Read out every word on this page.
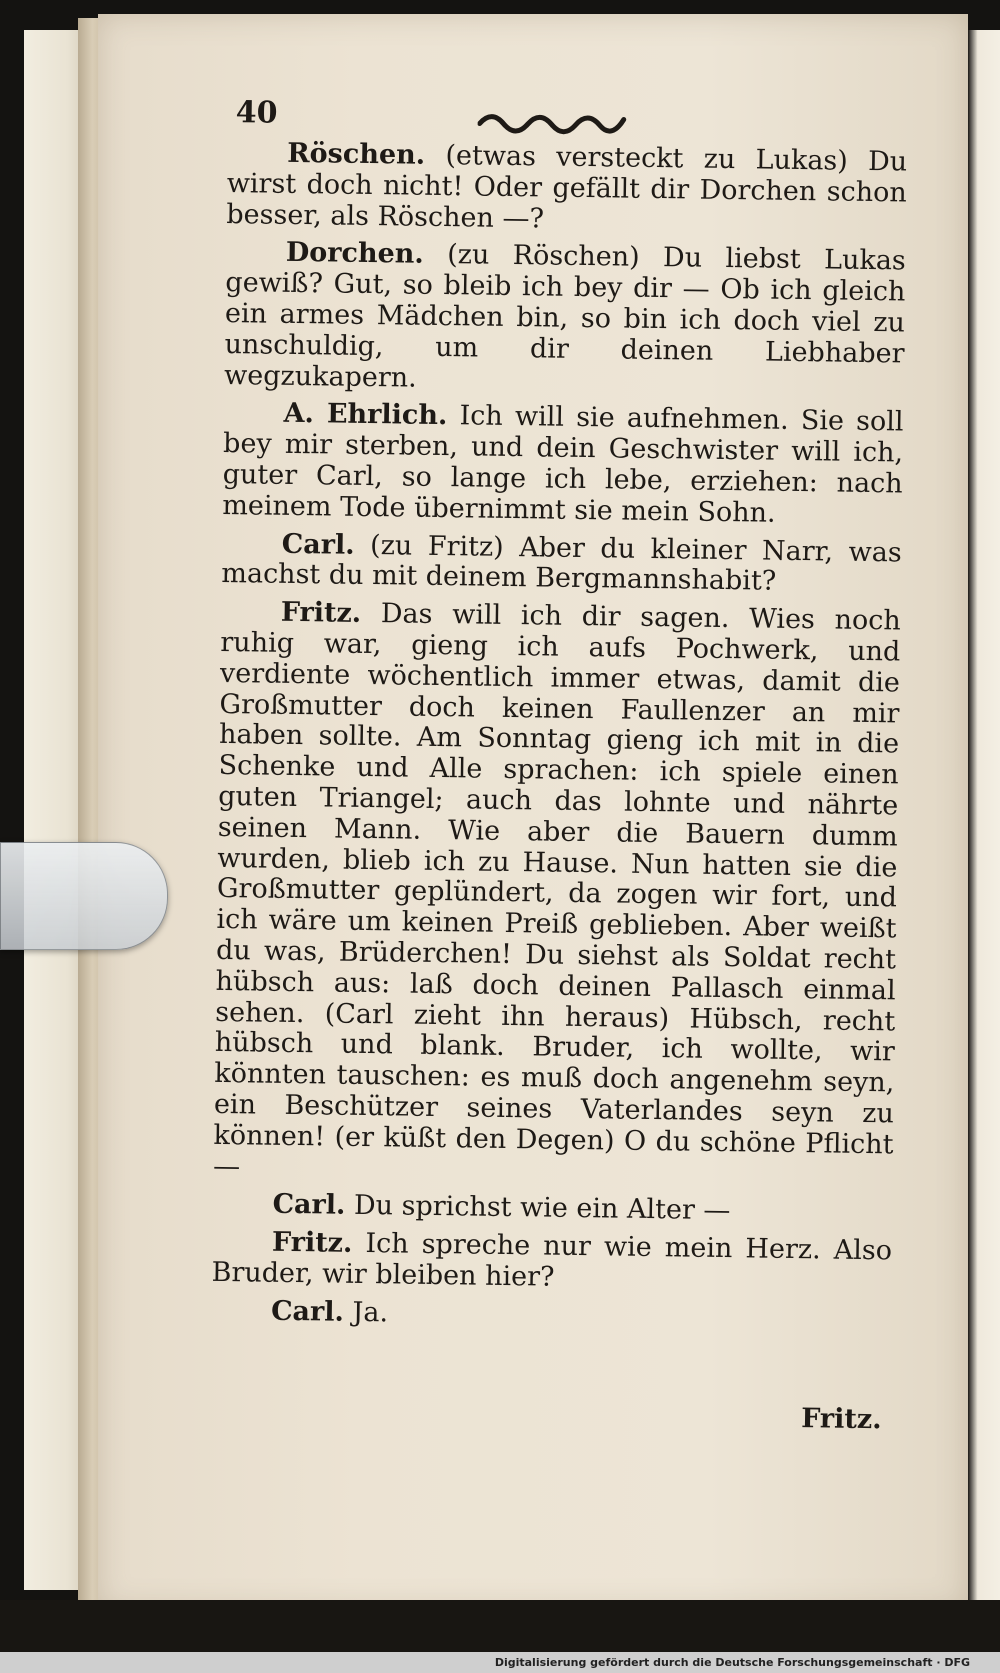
40

Röschen. (etwas versteckt zu Lukas) Du wirst doch nicht! Oder gefällt dir Dorchen schon besser, als Röschen —?

Dorchen. (zu Röschen) Du liebst Lukas gewiß? Gut, so bleib ich bey dir — Ob ich gleich ein armes Mädchen bin, so bin ich doch viel zu unschuldig, um dir deinen Liebhaber wegzukapern.

A. Ehrlich. Ich will sie aufnehmen. Sie soll bey mir sterben, und dein Geschwister will ich, guter Carl, so lange ich lebe, erziehen: nach meinem Tode übernimmt sie mein Sohn.

Carl. (zu Fritz) Aber du kleiner Narr, was machst du mit deinem Bergmannshabit?

Fritz. Das will ich dir sagen. Wies noch ruhig war, gieng ich aufs Pochwerk, und verdiente wöchentlich immer etwas, damit die Großmutter doch keinen Faullenzer an mir haben sollte. Am Sonntag gieng ich mit in die Schenke und Alle sprachen: ich spiele einen guten Triangel; auch das lohnte und nährte seinen Mann. Wie aber die Bauern dumm wurden, blieb ich zu Hause. Nun hatten sie die Großmutter geplündert, da zogen wir fort, und ich wäre um keinen Preiß geblieben. Aber weißt du was, Brüderchen! Du siehst als Soldat recht hübsch aus: laß doch deinen Pallasch einmal sehen. (Carl zieht ihn heraus) Hübsch, recht hübsch und blank. Bruder, ich wollte, wir könnten tauschen: es muß doch angenehm seyn, ein Beschützer seines Vaterlandes seyn zu können! (er küßt den Degen) O du schöne Pflicht —

Carl. Du sprichst wie ein Alter —

Fritz. Ich spreche nur wie mein Herz. Also Bruder, wir bleiben hier?

Carl. Ja.

Fritz.
Digitalisierung gefördert durch die Deutsche Forschungsgemeinschaft · DFG
